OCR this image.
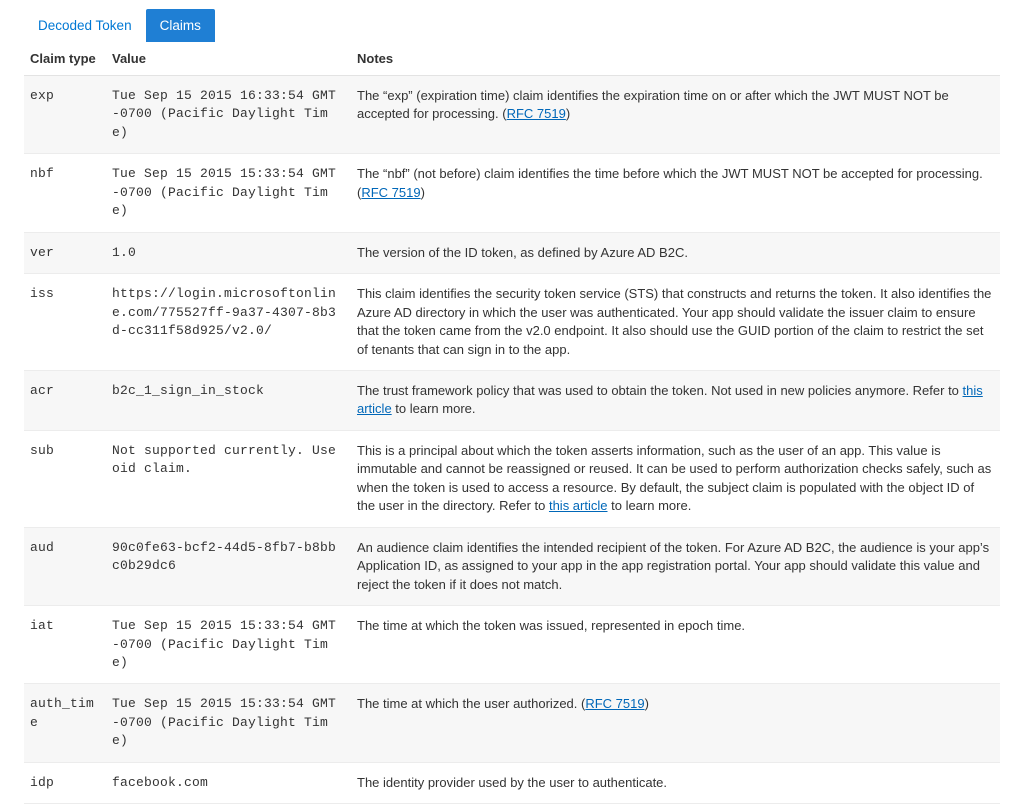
Decoded Token	Claims
Claim type	Value	Notes
exp	Tue Sep 15 2015 16:33:54 GMT-0700 (Pacific Daylight Time)	The “exp” (expiration time) claim identifies the expiration time on or after which the JWT MUST NOT be accepted for processing. (RFC 7519)
nbf	Tue Sep 15 2015 15:33:54 GMT-0700 (Pacific Daylight Time)	The “nbf” (not before) claim identifies the time before which the JWT MUST NOT be accepted for processing. (RFC 7519)
ver	1.0	The version of the ID token, as defined by Azure AD B2C.
iss	https://login.microsoftonline.com/775527ff-9a37-4307-8b3d-cc311f58d925/v2.0/	This claim identifies the security token service (STS) that constructs and returns the token. It also identifies the Azure AD directory in which the user was authenticated. Your app should validate the issuer claim to ensure that the token came from the v2.0 endpoint. It also should use the GUID portion of the claim to restrict the set of tenants that can sign in to the app.
acr	b2c_1_sign_in_stock	The trust framework policy that was used to obtain the token. Not used in new policies anymore. Refer to this article to learn more.
sub	Not supported currently. Use oid claim.	This is a principal about which the token asserts information, such as the user of an app. This value is immutable and cannot be reassigned or reused. It can be used to perform authorization checks safely, such as when the token is used to access a resource. By default, the subject claim is populated with the object ID of the user in the directory. Refer to this article to learn more.
aud	90c0fe63-bcf2-44d5-8fb7-b8bbc0b29dc6	An audience claim identifies the intended recipient of the token. For Azure AD B2C, the audience is your app’s Application ID, as assigned to your app in the app registration portal. Your app should validate this value and reject the token if it does not match.
iat	Tue Sep 15 2015 15:33:54 GMT-0700 (Pacific Daylight Time)	The time at which the token was issued, represented in epoch time.
auth_time	Tue Sep 15 2015 15:33:54 GMT-0700 (Pacific Daylight Time)	The time at which the user authorized. (RFC 7519)
idp	facebook.com	The identity provider used by the user to authenticate.
